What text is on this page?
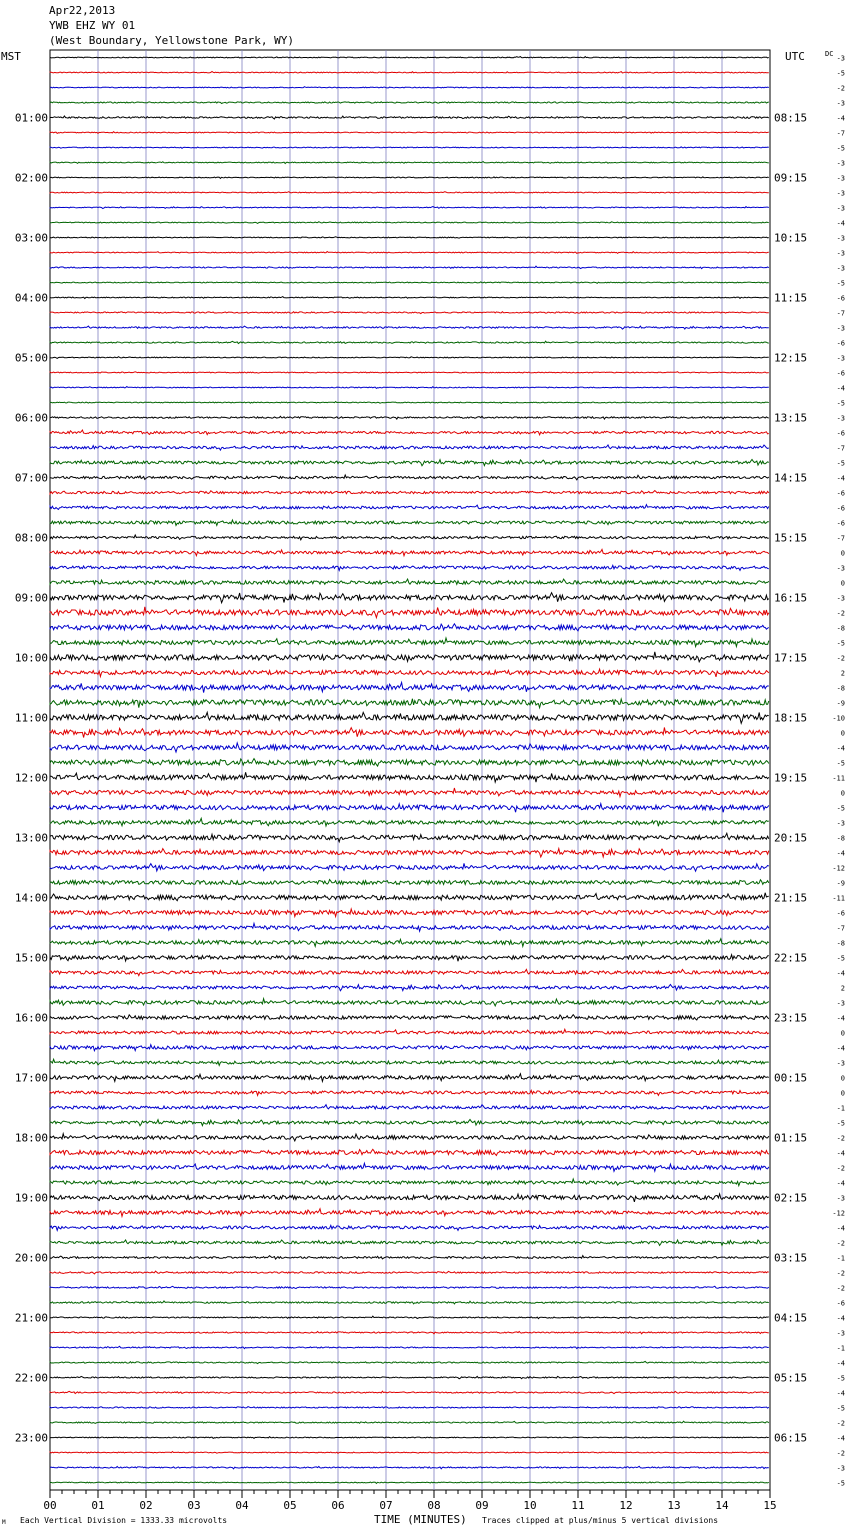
Apr22,2013
YWB EHZ WY 01
(West Boundary, Yellowstone Park, WY)
MST	UTC	DC
-3
-5
-2
-3
-4
-7
-5
-3
-3
-3
-3
-4
-3
-3
-3
-5
-6
-7
-3
-6
-3
-6
-4
-5
-3
-6
-7
-5
-4
-6
-6
-6
-7
0
-3
0
-3
-2
-8
-5
-2
2
-8
-9
-10
0
-4
-5
-11
0
-5
-3
-8
-4
-12
-9
-11
-6
-7
-8
-5
-4
2
-3
-4
0
-4
-3
0
0
-1
-5
-2
-4
-2
-4
-3
-12
-4
-2
-1
-2
-2
-6
-4
-3
-1
-4
-5
-4
-5
-2
-4
-2
-3
-5
01:00
02:00
03:00
04:00
05:00
06:00
07:00
08:00
09:00
10:00
11:00
12:00
13:00
14:00
15:00
16:00
17:00
18:00
19:00
20:00
21:00
22:00
23:00
08:15
09:15
10:15
11:15
12:15
13:15
14:15
15:15
16:15
17:15
18:15
19:15
20:15
21:15
22:15
23:15
00:15
01:15
02:15
03:15
04:15
05:15
06:15
00	01	02	03	04	05	06	07	08	09	10	11	12	13	14	15
TIME (MINUTES)
M Each Vertical Division = 1333.33 microvolts	Traces clipped at plus/minus 5 vertical divisions
